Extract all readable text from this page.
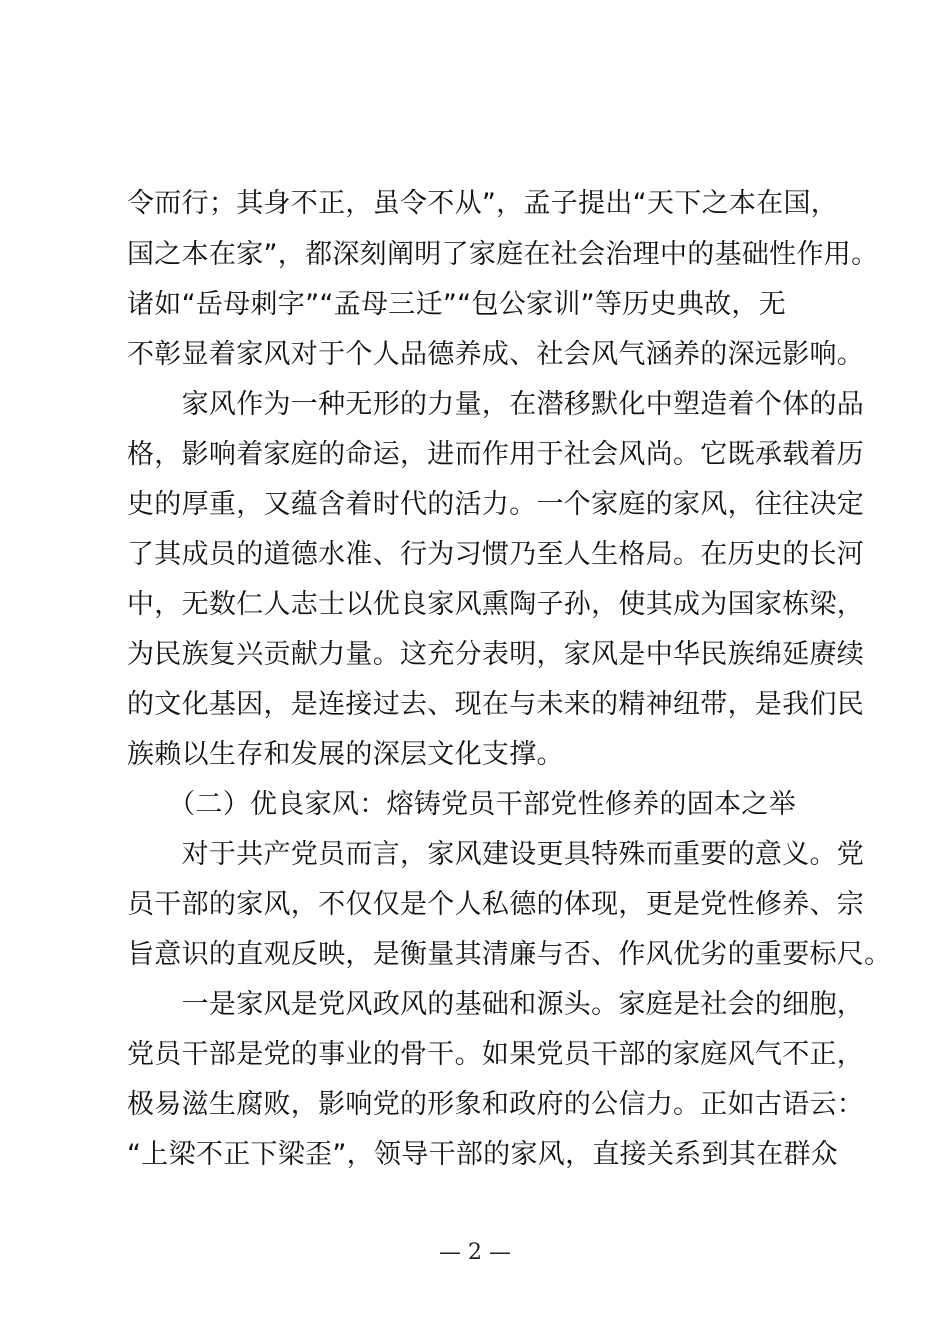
令而行；其身不正，虽令不从”，孟子提出“天下之本在国，
国之本在家”，都深刻阐明了家庭在社会治理中的基础性作用。
诸如“岳母刺字”“孟母三迁”“包公家训”等历史典故，无
不彰显着家风对于个人品德养成、社会风气涵养的深远影响。
　　家风作为一种无形的力量，在潜移默化中塑造着个体的品
格，影响着家庭的命运，进而作用于社会风尚。它既承载着历
史的厚重，又蕴含着时代的活力。一个家庭的家风，往往决定
了其成员的道德水准、行为习惯乃至人生格局。在历史的长河
中，无数仁人志士以优良家风熏陶子孙，使其成为国家栋梁，
为民族复兴贡献力量。这充分表明，家风是中华民族绵延赓续
的文化基因，是连接过去、现在与未来的精神纽带，是我们民
族赖以生存和发展的深层文化支撑。
　　（二）优良家风：熔铸党员干部党性修养的固本之举
　　对于共产党员而言，家风建设更具特殊而重要的意义。党
员干部的家风，不仅仅是个人私德的体现，更是党性修养、宗
旨意识的直观反映，是衡量其清廉与否、作风优劣的重要标尺。
　　一是家风是党风政风的基础和源头。家庭是社会的细胞，
党员干部是党的事业的骨干。如果党员干部的家庭风气不正，
极易滋生腐败，影响党的形象和政府的公信力。正如古语云：
“上梁不正下梁歪”，领导干部的家风，直接关系到其在群众
— 2 —
